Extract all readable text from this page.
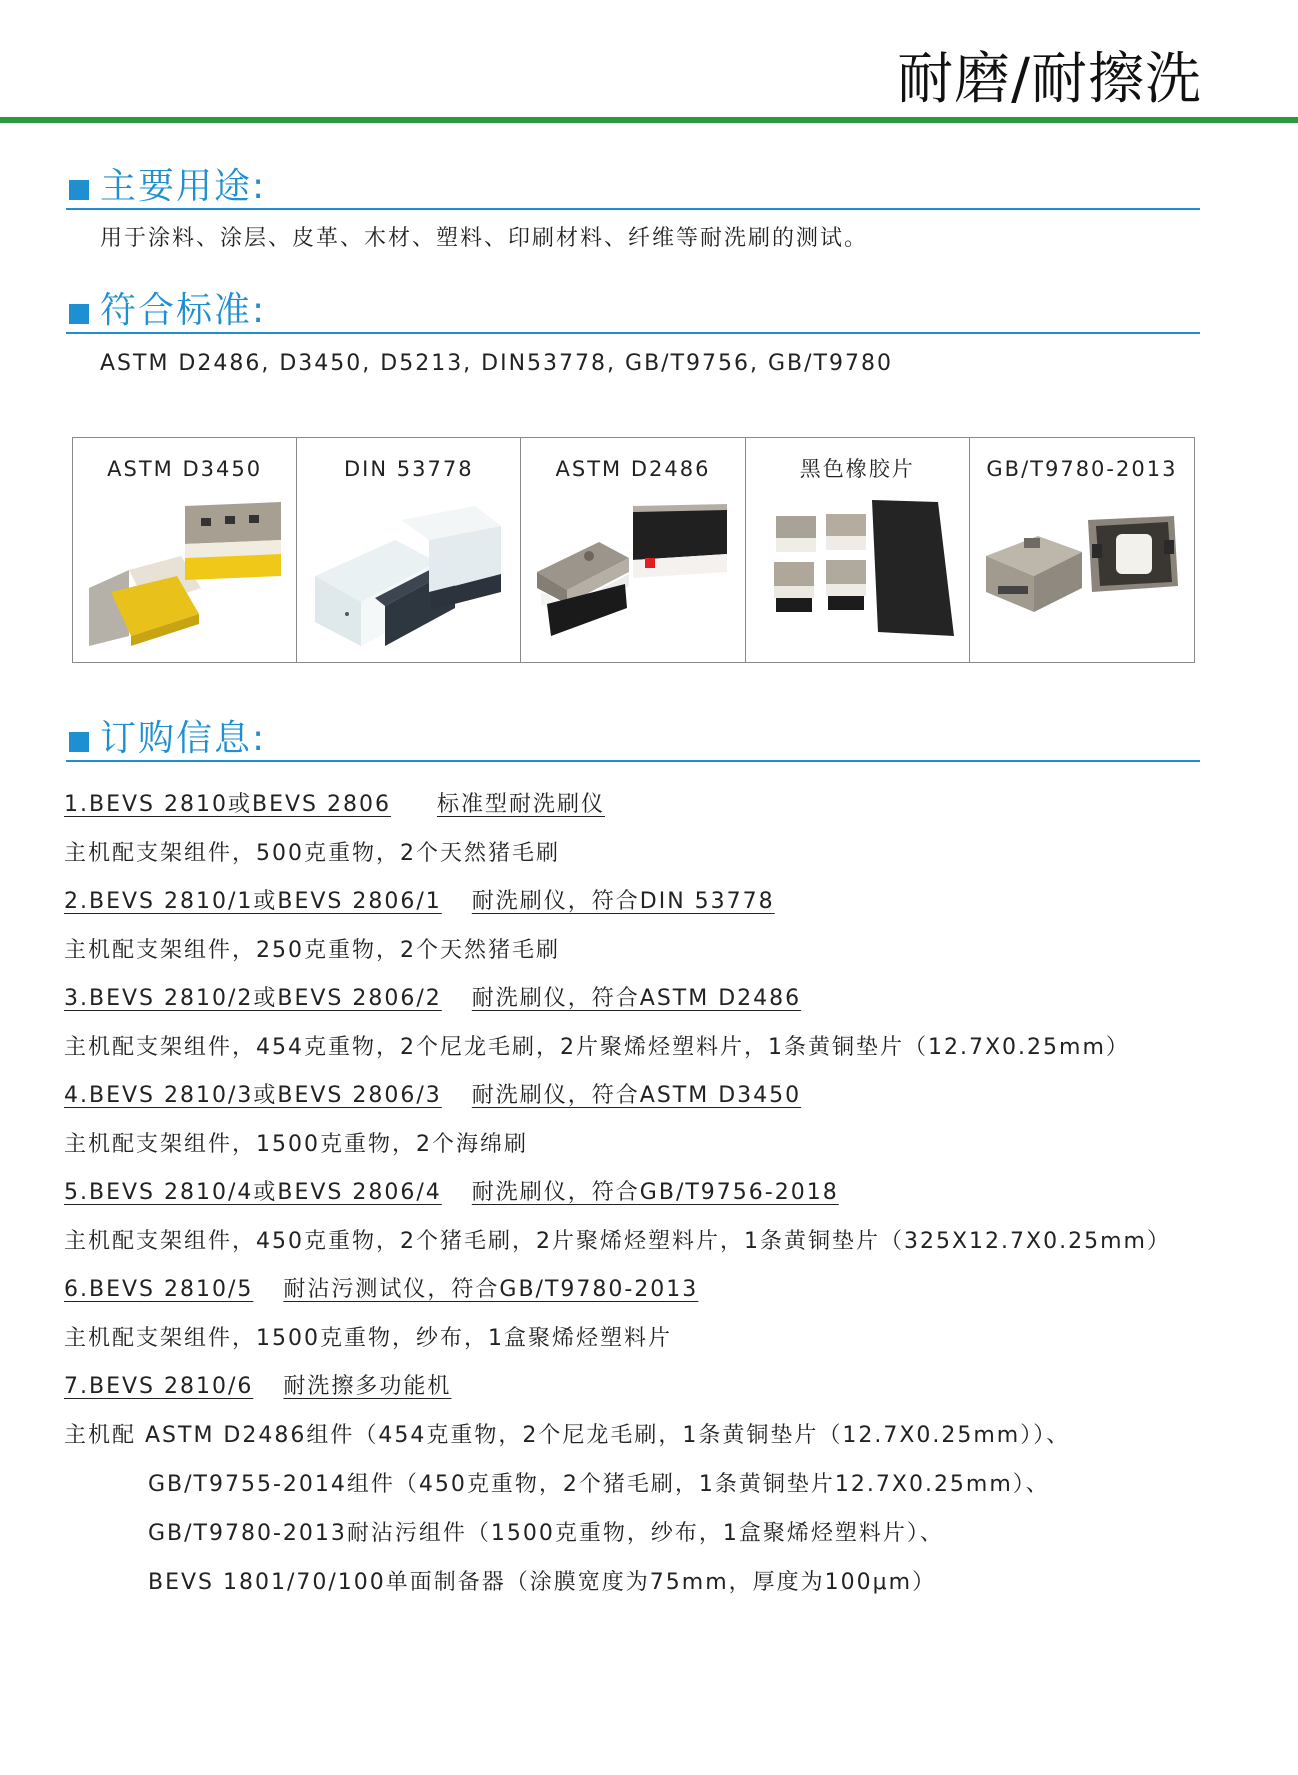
耐磨/耐擦洗
主要用途:
用于涂料、涂层、皮革、木材、塑料、印刷材料、纤维等耐洗刷的测试。
符合标准:
ASTM D2486, D3450, D5213, DIN53778, GB/T9756, GB/T9780
ASTM D3450	DIN 53778	ASTM D2486	黑色橡胶片	GB/T9780-2013
订购信息:
1.BEVS 2810或BEVS 2806 标准型耐洗刷仪
主机配支架组件，500克重物，2个天然猪毛刷
2.BEVS 2810/1或BEVS 2806/1 耐洗刷仪，符合DIN 53778
主机配支架组件，250克重物，2个天然猪毛刷
3.BEVS 2810/2或BEVS 2806/2 耐洗刷仪，符合ASTM D2486
主机配支架组件，454克重物，2个尼龙毛刷，2片聚烯烃塑料片，1条黄铜垫片（12.7X0.25mm）
4.BEVS 2810/3或BEVS 2806/3 耐洗刷仪，符合ASTM D3450
主机配支架组件，1500克重物，2个海绵刷
5.BEVS 2810/4或BEVS 2806/4 耐洗刷仪，符合GB/T9756-2018
主机配支架组件，450克重物，2个猪毛刷，2片聚烯烃塑料片，1条黄铜垫片（325X12.7X0.25mm）
6.BEVS 2810/5 耐沾污测试仪，符合GB/T9780-2013
主机配支架组件，1500克重物，纱布，1盒聚烯烃塑料片
7.BEVS 2810/6 耐洗擦多功能机
主机配 ASTM D2486组件（454克重物，2个尼龙毛刷，1条黄铜垫片（12.7X0.25mm））、
GB/T9755-2014组件（450克重物，2个猪毛刷，1条黄铜垫片12.7X0.25mm）、
GB/T9780-2013耐沾污组件（1500克重物，纱布，1盒聚烯烃塑料片）、
BEVS 1801/70/100单面制备器（涂膜宽度为75mm，厚度为100μm）
